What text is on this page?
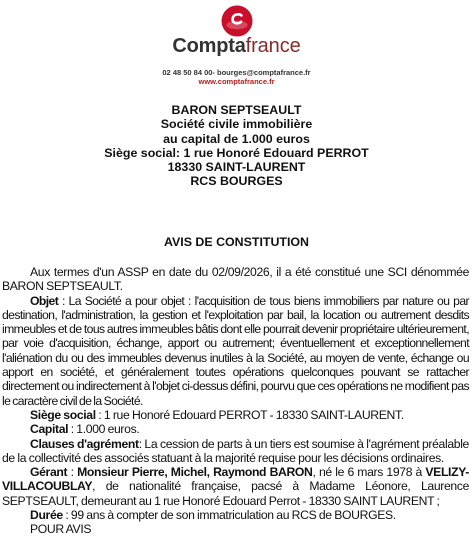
Comptafrance
02 48 50 84 00- bourges@comptafrance.fr
www.comptafrance.fr
BARON SEPTSEAULT
Société civile immobilière
au capital de 1.000 euros
Siège social: 1 rue Honoré Edouard PERROT
18330 SAINT-LAURENT
RCS BOURGES
AVIS DE CONSTITUTION

Aux termes d'un ASSP en date du 02/09/2026, il a été constitué une SCI dénommée BARON SEPTSEAULT.

Objet : La Société a pour objet : l'acquisition de tous biens immobiliers par nature ou par destination, l'administration, la gestion et l'exploitation par bail, la location ou autrement desdits immeubles et de tous autres immeubles bâtis dont elle pourrait devenir propriétaire ultérieurement, par voie d'acquisition, échange, apport ou autrement; éventuellement et exceptionnellement l'aliénation du ou des immeubles devenus inutiles à la Société, au moyen de vente, échange ou apport en société, et généralement toutes opérations quelconques pouvant se rattacher directement ou indirectement à l'objet ci-dessus défini, pourvu que ces opérations ne modifient pas le caractère civil de la Société.

Siège social : 1 rue Honoré Edouard PERROT - 18330 SAINT-LAURENT.

Capital : 1.000 euros.

Clauses d'agrément: La cession de parts à un tiers est soumise à l'agrément préalable de la collectivité des associés statuant à la majorité requise pour les décisions ordinaires.

Gérant : Monsieur Pierre, Michel, Raymond BARON, né le 6 mars 1978 à VELIZY-VILLACOUBLAY, de nationalité française, pacsé à Madame Léonore, Laurence SEPTSEAULT, demeurant au 1 rue Honoré Edouard Perrot - 18330 SAINT LAURENT ;

Durée : 99 ans à compter de son immatriculation au RCS de BOURGES.

POUR AVIS
